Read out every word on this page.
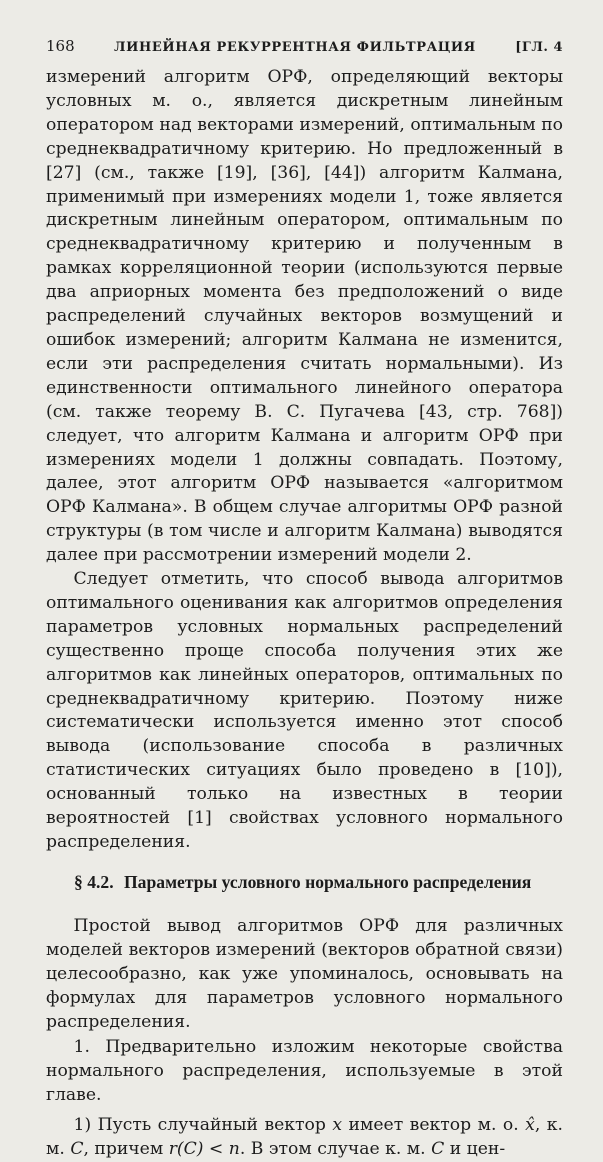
168	ЛИНЕЙНАЯ РЕКУРРЕНТНАЯ ФИЛЬТРАЦИЯ	[ГЛ. 4

измерений алгоритм ОРФ, определяющий векторы условных м. о., является дискретным линейным оператором над векторами измерений, оптимальным по среднеквадратичному критерию. Но предложенный в [27] (см., также [19], [36], [44]) алгоритм Калмана, применимый при измерениях модели 1, тоже является дискретным линейным оператором, оптимальным по среднеквадратичному критерию и полученным в рамках корреляционной теории (используются первые два априорных момента без предположений о виде распределений случайных векторов возмущений и ошибок измерений; алгоритм Калмана не изменится, если эти распределения считать нормальными). Из единственности оптимального линейного оператора (см. также теорему В. С. Пугачева [43, стр. 768]) следует, что алгоритм Калмана и алгоритм ОРФ при измерениях модели 1 должны совпадать. Поэтому, далее, этот алгоритм ОРФ называется «алгоритмом ОРФ Калмана». В общем случае алгоритмы ОРФ разной структуры (в том числе и алгоритм Калмана) выводятся далее при рассмотрении измерений модели 2.

Следует отметить, что способ вывода алгоритмов оптимального оценивания как алгоритмов определения параметров условных нормальных распределений существенно проще способа получения этих же алгоритмов как линейных операторов, оптимальных по среднеквадратичному критерию. Поэтому ниже систематически используется именно этот способ вывода (использование способа в различных статистических ситуациях было проведено в [10]), основанный только на известных в теории вероятностей [1] свойствах условного нормального распределения.

§ 4.2. Параметры условного нормального распределения

Простой вывод алгоритмов ОРФ для различных моделей векторов измерений (векторов обратной связи) целесообразно, как уже упоминалось, основывать на формулах для параметров условного нормального распределения.

1. Предварительно изложим некоторые свойства нормального распределения, используемые в этой главе.

1) Пусть случайный вектор x имеет вектор м. о. x̂, к. м. C, причем r(C) < n. В этом случае к. м. C и цен-
